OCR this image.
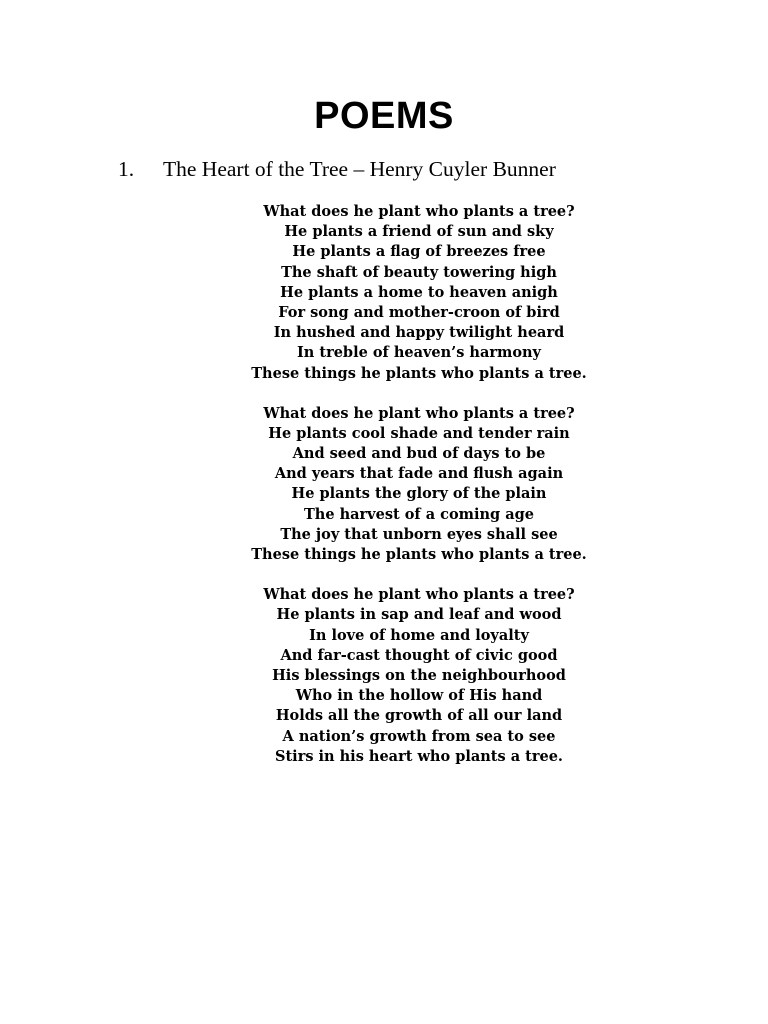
POEMS
1. The Heart of the Tree – Henry Cuyler Bunner
What does he plant who plants a tree?
He plants a friend of sun and sky
He plants a flag of breezes free
The shaft of beauty towering high
He plants a home to heaven anigh
For song and mother-croon of bird
In hushed and happy twilight heard
In treble of heaven’s harmony
These things he plants who plants a tree.
What does he plant who plants a tree?
He plants cool shade and tender rain
And seed and bud of days to be
And years that fade and flush again
He plants the glory of the plain
The harvest of a coming age
The joy that unborn eyes shall see
These things he plants who plants a tree.
What does he plant who plants a tree?
He plants in sap and leaf and wood
In love of home and loyalty
And far-cast thought of civic good
His blessings on the neighbourhood
Who in the hollow of His hand
Holds all the growth of all our land
A nation’s growth from sea to see
Stirs in his heart who plants a tree.
